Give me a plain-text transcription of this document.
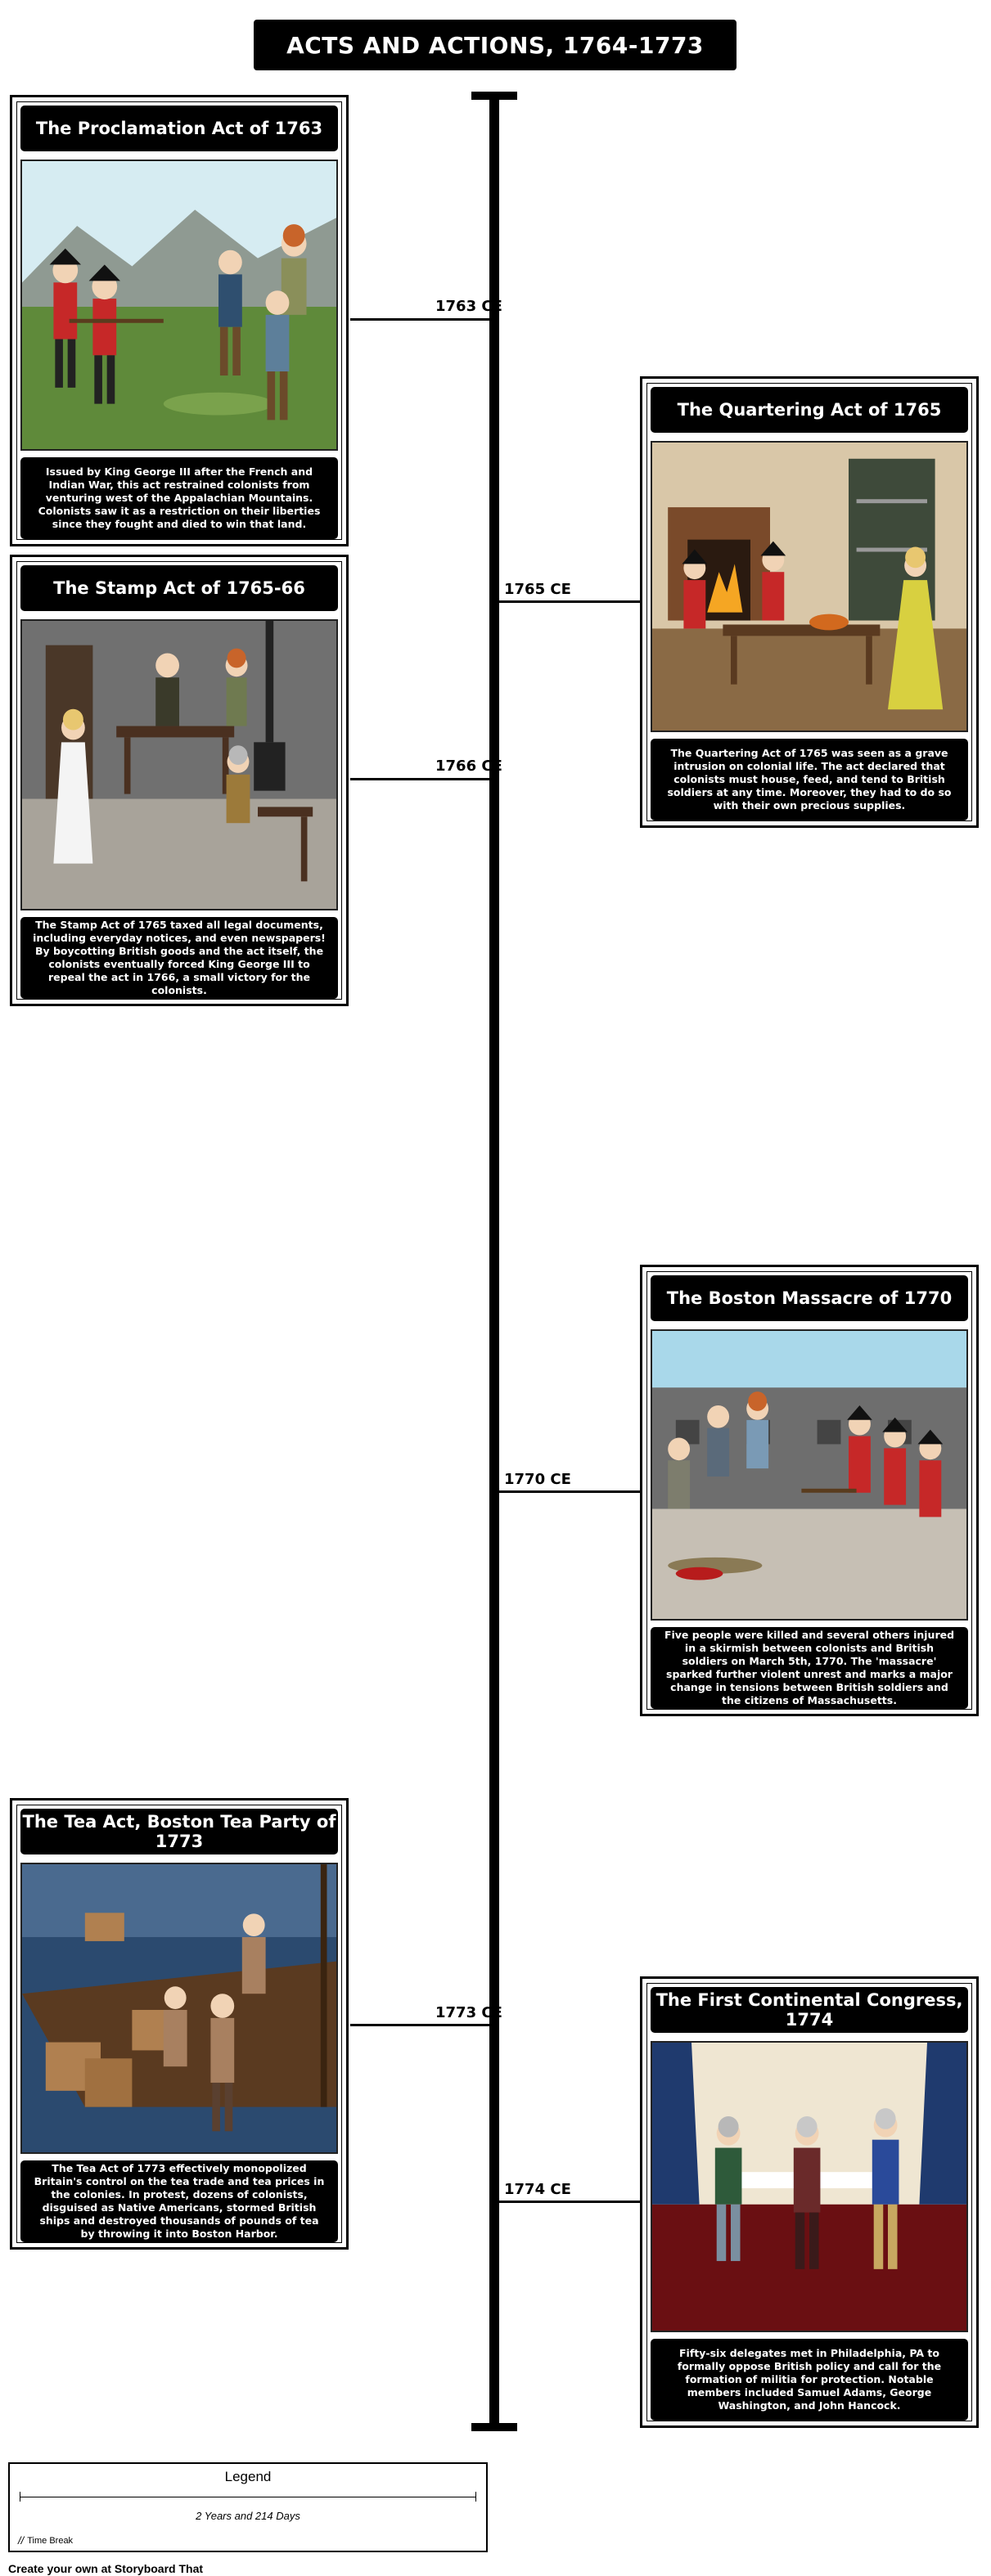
ACTS AND ACTIONS, 1764-1773
1763 CE
1765 CE
1766 CE
1770 CE
1773 CE
1774 CE
The Proclamation Act of 1763
Issued by King George III after the French and Indian War, this act restrained colonists from venturing west of the Appalachian Mountains. Colonists saw it as a restriction on their liberties since they fought and died to win that land.
The Quartering Act of 1765
The Quartering Act of 1765 was seen as a grave intrusion on colonial life. The act declared that colonists must house, feed, and tend to British soldiers at any time. Moreover, they had to do so with their own precious supplies.
The Stamp Act of 1765-66
The Stamp Act of 1765 taxed all legal documents, including everyday notices, and even newspapers! By boycotting British goods and the act itself, the colonists eventually forced King George III to repeal the act in 1766, a small victory for the colonists.
The Boston Massacre of 1770
Five people were killed and several others injured in a skirmish between colonists and British soldiers on March 5th, 1770. The 'massacre' sparked further violent unrest and marks a major change in tensions between British soldiers and the citizens of Massachusetts.
The Tea Act, Boston Tea Party of 1773
The Tea Act of 1773 effectively monopolized Britain's control on the tea trade and tea prices in the colonies. In protest, dozens of colonists, disguised as Native Americans, stormed British ships and destroyed thousands of pounds of tea by throwing it into Boston Harbor.
The First Continental Congress, 1774
Fifty-six delegates met in Philadelphia, PA to formally oppose British policy and call for the formation of militia for protection. Notable members included Samuel Adams, George Washington, and John Hancock.
Legend
2 Years and 214 Days
// Time Break
Create your own at Storyboard That
